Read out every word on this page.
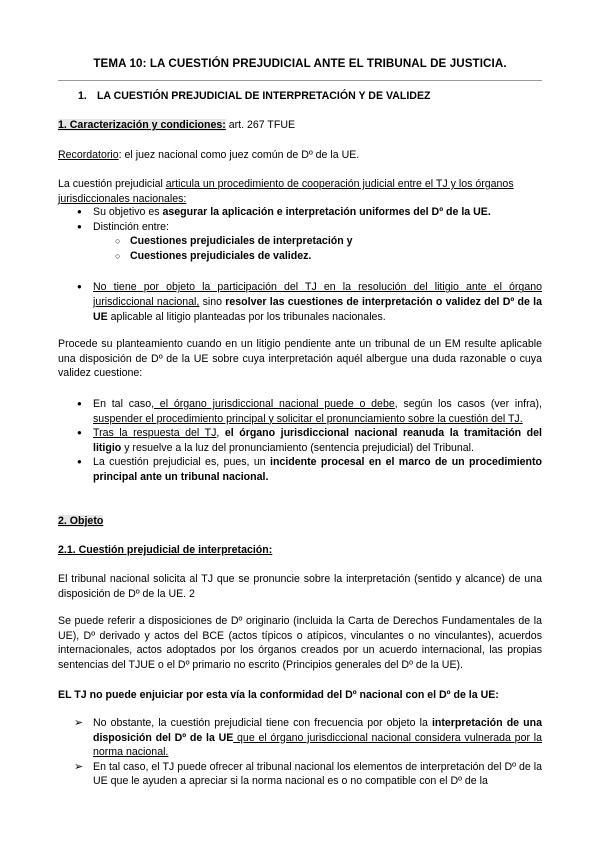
TEMA 10: LA CUESTIÓN PREJUDICIAL ANTE EL TRIBUNAL DE JUSTICIA.
1. LA CUESTIÓN PREJUDICIAL DE INTERPRETACIÓN Y DE VALIDEZ
1. Caracterización y condiciones: art. 267 TFUE
Recordatorio: el juez nacional como juez común de Dº de la UE.
La cuestión prejudicial articula un procedimiento de cooperación judicial entre el TJ y los órganos jurisdiccionales nacionales:
● Su objetivo es asegurar la aplicación e interpretación uniformes del Dº de la UE.
● Distinción entre:
○ Cuestiones prejudiciales de interpretación y
○ Cuestiones prejudiciales de validez.
● No tiene por objeto la participación del TJ en la resolución del litigio ante el órgano jurisdiccional nacional, sino resolver las cuestiones de interpretación o validez del Dº de la UE aplicable al litigio planteadas por los tribunales nacionales.
Procede su planteamiento cuando en un litigio pendiente ante un tribunal de un EM resulte aplicable una disposición de Dº de la UE sobre cuya interpretación aquél albergue una duda razonable o cuya validez cuestione:
● En tal caso, el órgano jurisdiccional nacional puede o debe, según los casos (ver infra), suspender el procedimiento principal y solicitar el pronunciamiento sobre la cuestión del TJ.
● Tras la respuesta del TJ, el órgano jurisdiccional nacional reanuda la tramitación del litigio y resuelve a la luz del pronunciamiento (sentencia prejudicial) del Tribunal.
● La cuestión prejudicial es, pues, un incidente procesal en el marco de un procedimiento principal ante un tribunal nacional.
2. Objeto
2.1. Cuestión prejudicial de interpretación:
El tribunal nacional solicita al TJ que se pronuncie sobre la interpretación (sentido y alcance) de una disposición de Dº de la UE. 2
Se puede referir a disposiciones de Dº originario (incluida la Carta de Derechos Fundamentales de la UE), Dº derivado y actos del BCE (actos típicos o atípicos, vinculantes o no vinculantes), acuerdos internacionales, actos adoptados por los órganos creados por un acuerdo internacional, las propias sentencias del TJUE o el Dº primario no escrito (Principios generales del Dº de la UE).
EL TJ no puede enjuiciar por esta vía la conformidad del Dº nacional con el Dº de la UE:
➢ No obstante, la cuestión prejudicial tiene con frecuencia por objeto la interpretación de una disposición del Dº de la UE que el órgano jurisdiccional nacional considera vulnerada por la norma nacional.
➢ En tal caso, el TJ puede ofrecer al tribunal nacional los elementos de interpretación del Dº de la UE que le ayuden a apreciar si la norma nacional es o no compatible con el Dº de la
